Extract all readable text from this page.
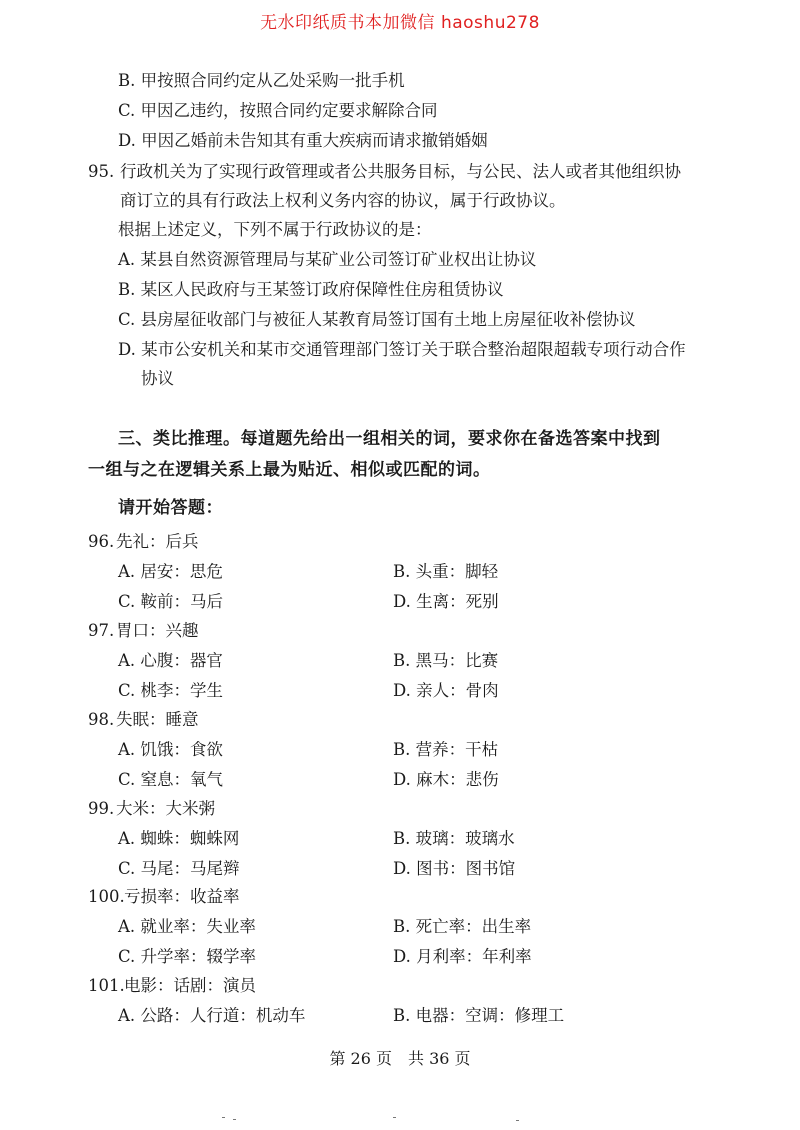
无水印纸质书本加微信 haoshu278
B. 甲按照合同约定从乙处采购一批手机
C. 甲因乙违约，按照合同约定要求解除合同
D. 甲因乙婚前未告知其有重大疾病而请求撤销婚姻
95. 行政机关为了实现行政管理或者公共服务目标，与公民、法人或者其他组织协
商订立的具有行政法上权利义务内容的协议，属于行政协议。
根据上述定义，下列不属于行政协议的是：
A. 某县自然资源管理局与某矿业公司签订矿业权出让协议
B. 某区人民政府与王某签订政府保障性住房租赁协议
C. 县房屋征收部门与被征人某教育局签订国有土地上房屋征收补偿协议
D. 某市公安机关和某市交通管理部门签订关于联合整治超限超载专项行动合作
协议
三、类比推理。每道题先给出一组相关的词，要求你在备选答案中找到
一组与之在逻辑关系上最为贴近、相似或匹配的词。
请开始答题：
96. 先礼：后兵
A. 居安：思危	B. 头重：脚轻
C. 鞍前：马后	D. 生离：死别
97. 胃口：兴趣
A. 心腹：器官	B. 黑马：比赛
C. 桃李：学生	D. 亲人：骨肉
98. 失眠：睡意
A. 饥饿：食欲	B. 营养：干枯
C. 窒息：氧气	D. 麻木：悲伤
99. 大米：大米粥
A. 蜘蛛：蜘蛛网	B. 玻璃：玻璃水
C. 马尾：马尾辫	D. 图书：图书馆
100. 亏损率：收益率
A. 就业率：失业率	B. 死亡率：出生率
C. 升学率：辍学率	D. 月利率：年利率
101. 电影：话剧：演员
A. 公路：人行道：机动车	B. 电器：空调：修理工
第 26 页　共 36 页
